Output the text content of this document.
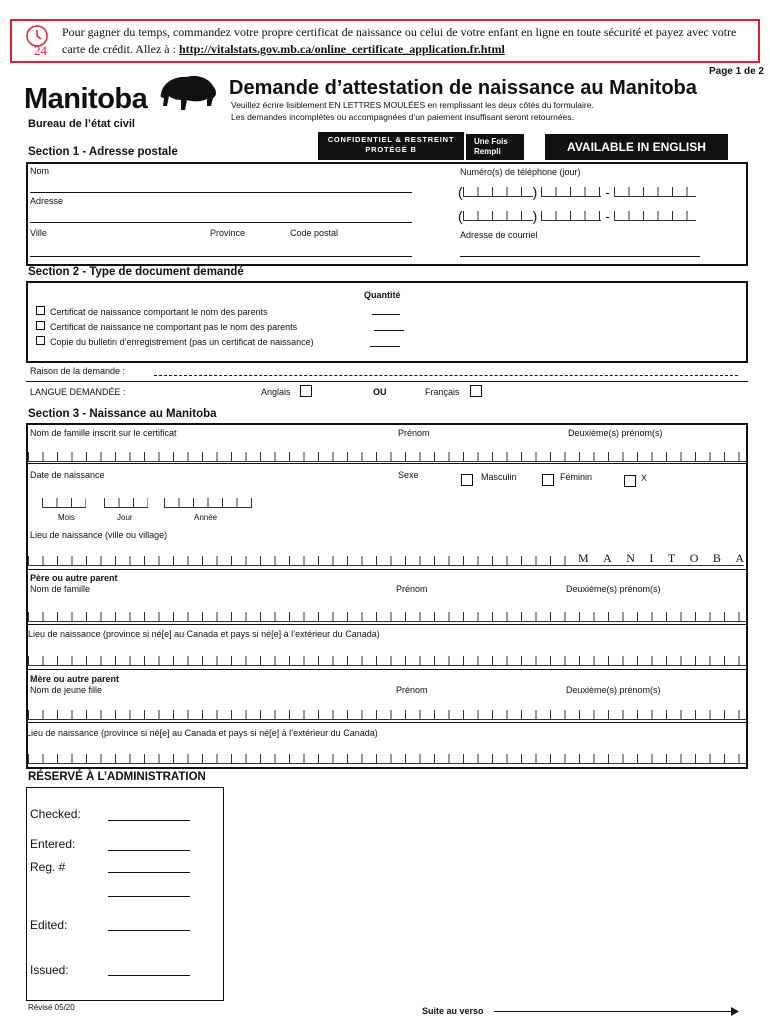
24
Pour gagner du temps, commandez votre propre certificat de naissance ou celui de votre enfant en ligne en toute sécurité et payez avec votre carte de crédit. Allez à : http://vitalstats.gov.mb.ca/online_certificate_application.fr.html
Page 1 de 2
Manitoba
Bureau de l’état civil
Demande d’attestation de naissance au Manitoba
Veuillez écrire lisiblement EN LETTRES MOULÉES en remplissant les deux côtés du formulaire.
Les demandes incomplètes ou accompagnées d’un paiement insuffisant seront retournées.
CONFIDENTIEL & RESTREINT
PROTÉGÉ B
Une Fois
Rempli	AVAILABLE IN ENGLISH
Section 1 - Adresse postale
Nom	Numéro(s) de téléphone (jour)
(	)	-
Adresse
(	)	-
Ville	Province	Code postal	Adresse de courriel
Section 2 - Type de document demandé
Quantité
Certificat de naissance comportant le nom des parents
Certificat de naissance ne comportant pas le nom des parents
Copie du bulletin d’enregistrement (pas un certificat de naissance)
Raison de la demande :
LANGUE DEMANDÉE :	Anglais	OU	Français
Section 3 - Naissance au Manitoba
Nom de famille inscrit sur le certificat	Prénom	Deuxième(s) prénom(s)
Date de naissance	Sexe	Masculin	Féminin	X
Mois	Jour	Année
Lieu de naissance (ville ou village)
M A N I T O B A
Père ou autre parent
Nom de famille	Prénom	Deuxième(s) prénom(s)
Lieu de naissance (province si né[e] au Canada et pays si né[e] à l’extérieur du Canada)
Mère ou autre parent
Nom de jeune fille	Prénom	Deuxième(s) prénom(s)
Lieu de naissance (province si né[e] au Canada et pays si né[e] à l’extérieur du Canada)
RÉSERVÉ À L’ADMINISTRATION
Checked:
Entered:
Reg. #
Edited:
Issued:
Révisé 05/20	Suite au verso
